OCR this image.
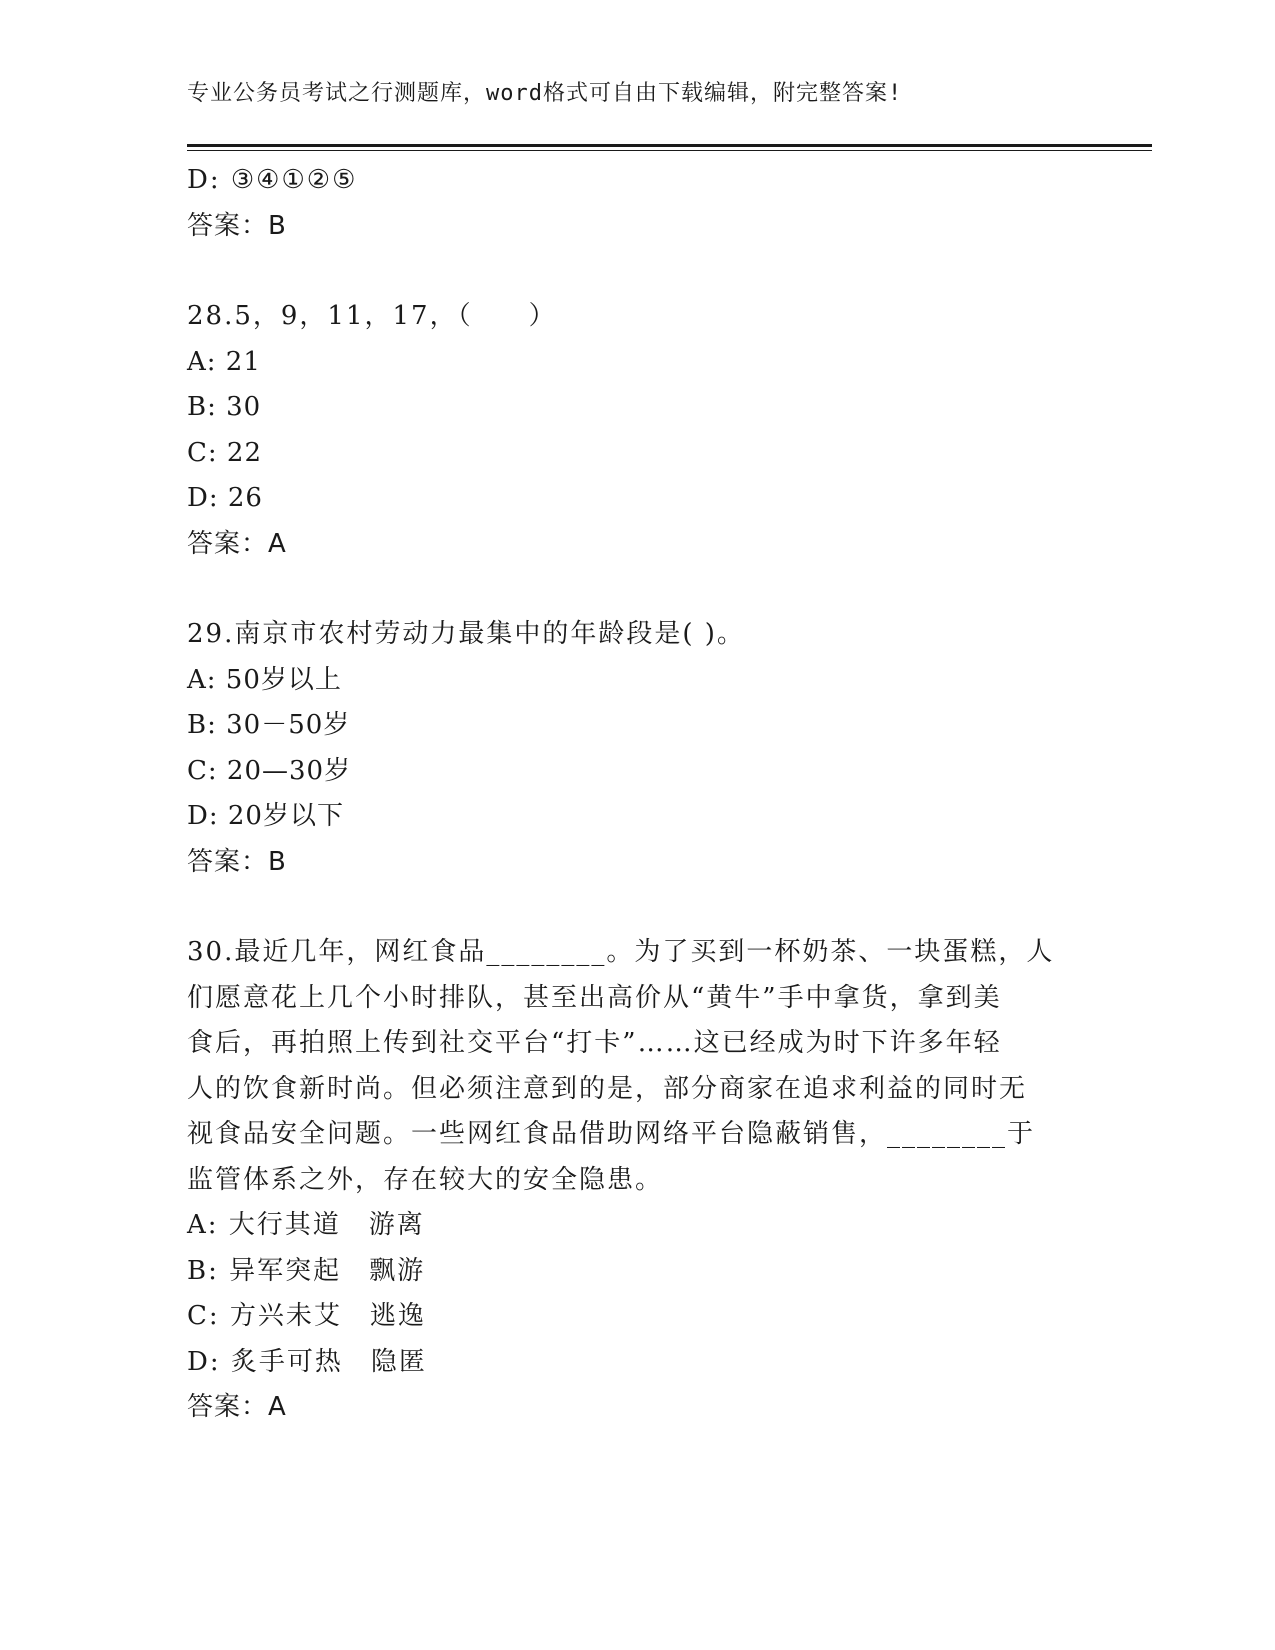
专业公务员考试之行测题库，word格式可自由下载编辑，附完整答案!
D: ③④①②⑤
答案：B
28.5，9，11，17，（　　）
A: 21
B: 30
C: 22
D: 26
答案：A
29.南京市农村劳动力最集中的年龄段是( )。
A: 50岁以上
B: 30－50岁
C: 20—30岁
D: 20岁以下
答案：B
30.最近几年，网红食品________。为了买到一杯奶茶、一块蛋糕，人
们愿意花上几个小时排队，甚至出高价从“黄牛”手中拿货，拿到美
食后，再拍照上传到社交平台“打卡”……这已经成为时下许多年轻
人的饮食新时尚。但必须注意到的是，部分商家在追求利益的同时无
视食品安全问题。一些网红食品借助网络平台隐蔽销售，________于
监管体系之外，存在较大的安全隐患。
A: 大行其道　游离
B: 异军突起　飘游
C: 方兴未艾　逃逸
D: 炙手可热　隐匿
答案：A
